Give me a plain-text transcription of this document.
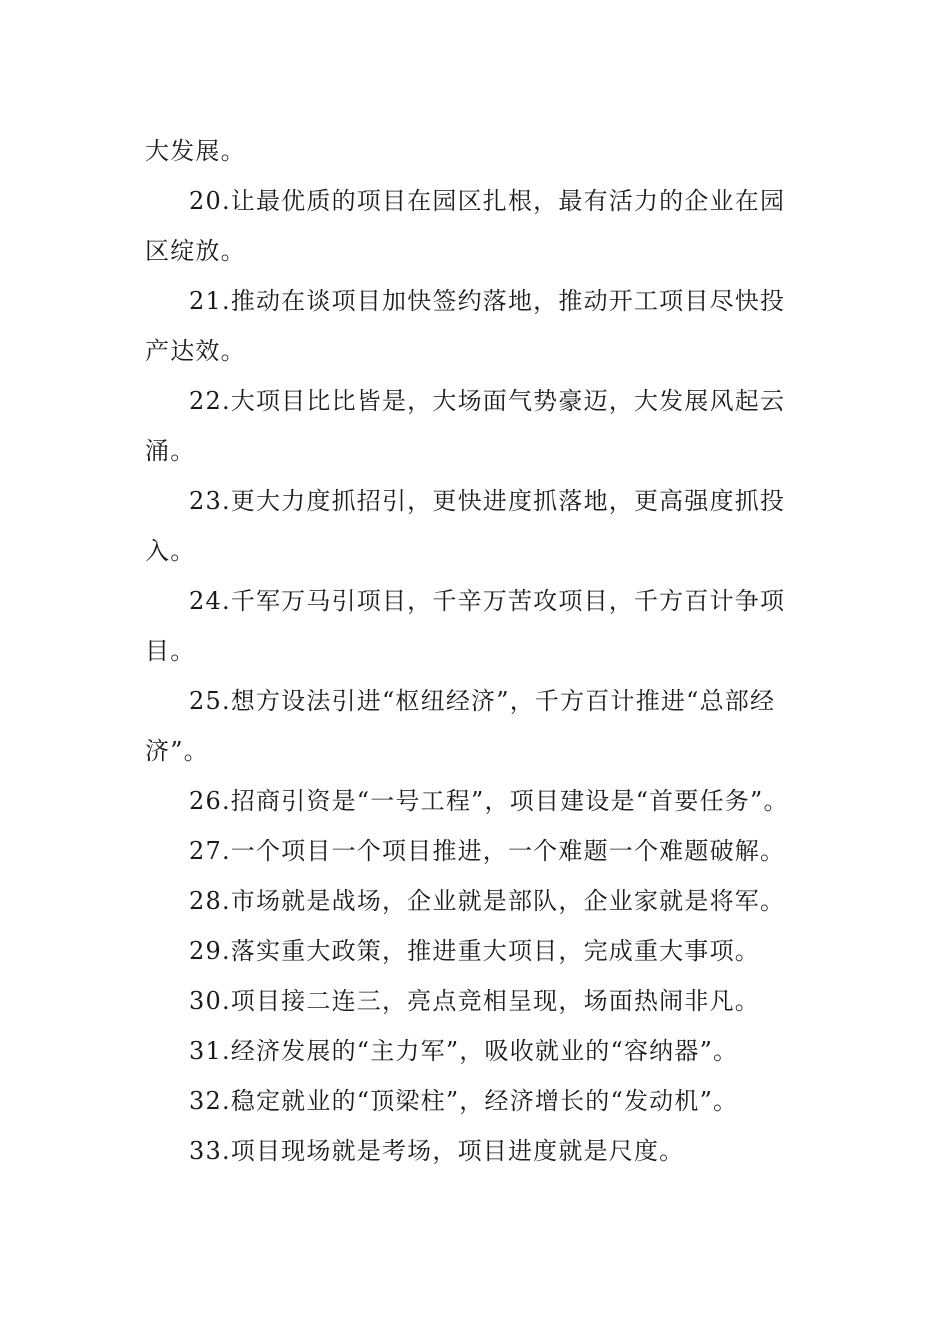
大发展。

20.让最优质的项目在园区扎根，最有活力的企业在园区绽放。

21.推动在谈项目加快签约落地，推动开工项目尽快投产达效。

22.大项目比比皆是，大场面气势豪迈，大发展风起云涌。

23.更大力度抓招引，更快进度抓落地，更高强度抓投入。

24.千军万马引项目，千辛万苦攻项目，千方百计争项目。

25.想方设法引进“枢纽经济”，千方百计推进“总部经济”。

26.招商引资是“一号工程”，项目建设是“首要任务”。

27.一个项目一个项目推进，一个难题一个难题破解。

28.市场就是战场，企业就是部队，企业家就是将军。

29.落实重大政策，推进重大项目，完成重大事项。

30.项目接二连三，亮点竞相呈现，场面热闹非凡。

31.经济发展的“主力军”，吸收就业的“容纳器”。

32.稳定就业的“顶梁柱”，经济增长的“发动机”。

33.项目现场就是考场，项目进度就是尺度。
